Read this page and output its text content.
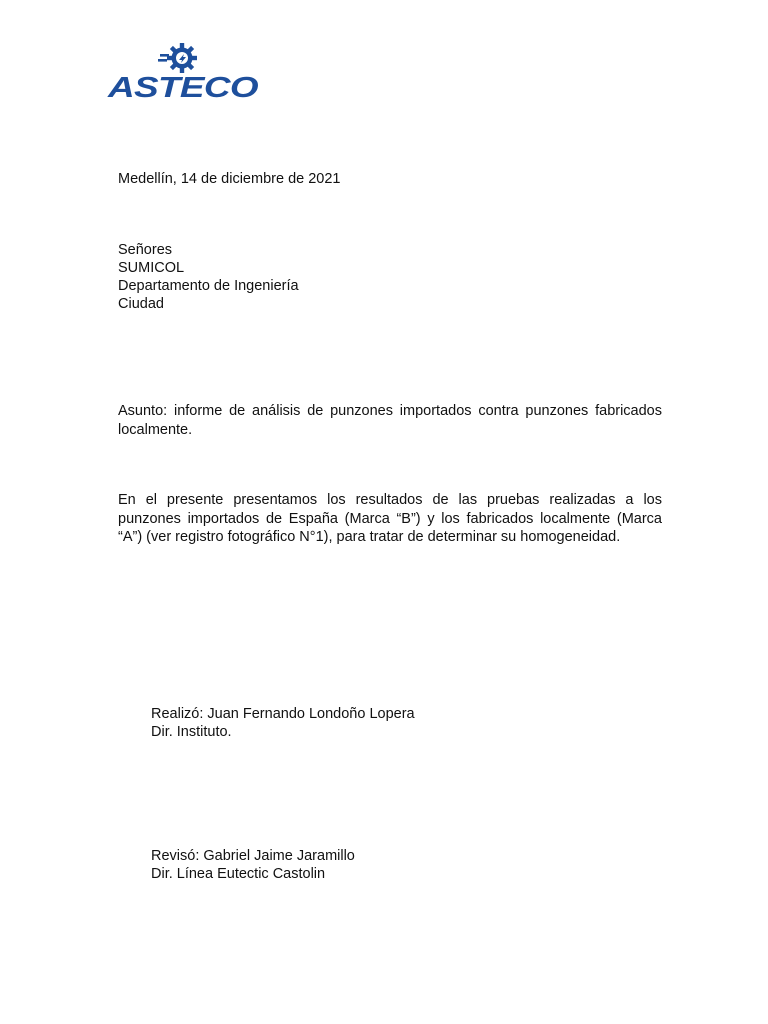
ASTECO
Medellín, 14 de diciembre de 2021
Señores
SUMICOL
Departamento de Ingeniería
Ciudad
Asunto: informe de análisis de punzones importados contra punzones fabricados
localmente.
En el presente presentamos los resultados de las pruebas realizadas a los
punzones importados de España (Marca “B”) y los fabricados localmente (Marca
“A”) (ver registro fotográfico N°1), para tratar de determinar su homogeneidad.
Realizó: Juan Fernando Londoño Lopera
Dir. Instituto.
Revisó: Gabriel Jaime Jaramillo
Dir. Línea Eutectic Castolin
